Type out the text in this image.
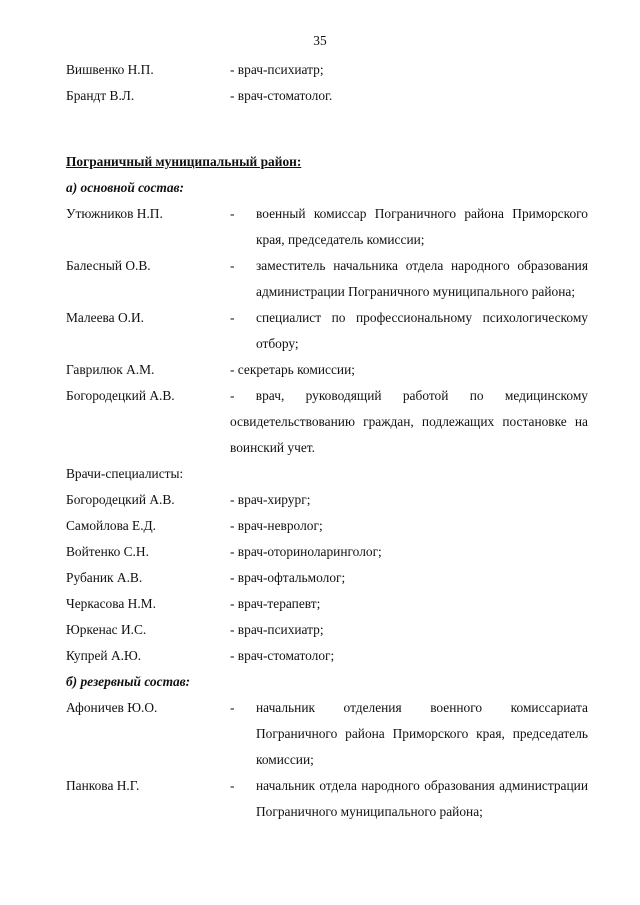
35
Вишвенко Н.П.	- врач-психиатр;
Брандт В.Л.	- врач-стоматолог.
Пограничный муниципальный район:
а) основной состав:
Утюжников Н.П.	-	военный комиссар Пограничного района Приморского края, председатель комиссии;
Балесный О.В.	-	заместитель начальника отдела народного образования администрации Пограничного муниципального района;
Малеева О.И.	-	специалист по профессиональному психологическому отбору;
Гаврилюк А.М.	- секретарь комиссии;
Богородецкий А.В.	- врач, руководящий работой по медицинскому освидетельствованию граждан, подлежащих постановке на воинский учет.
Врачи-специалисты:
Богородецкий А.В.	- врач-хирург;
Самойлова Е.Д.	- врач-невролог;
Войтенко С.Н.	- врач-оториноларинголог;
Рубаник А.В.	- врач-офтальмолог;
Черкасова Н.М.	- врач-терапевт;
Юркенас И.С.	- врач-психиатр;
Купрей А.Ю.	- врач-стоматолог;
б) резервный состав:
Афоничев Ю.О.	-	начальник отделения военного комиссариата Пограничного района Приморского края, председатель комиссии;
Панкова Н.Г.	-	начальник отдела народного образования администрации Пограничного муниципального района;
